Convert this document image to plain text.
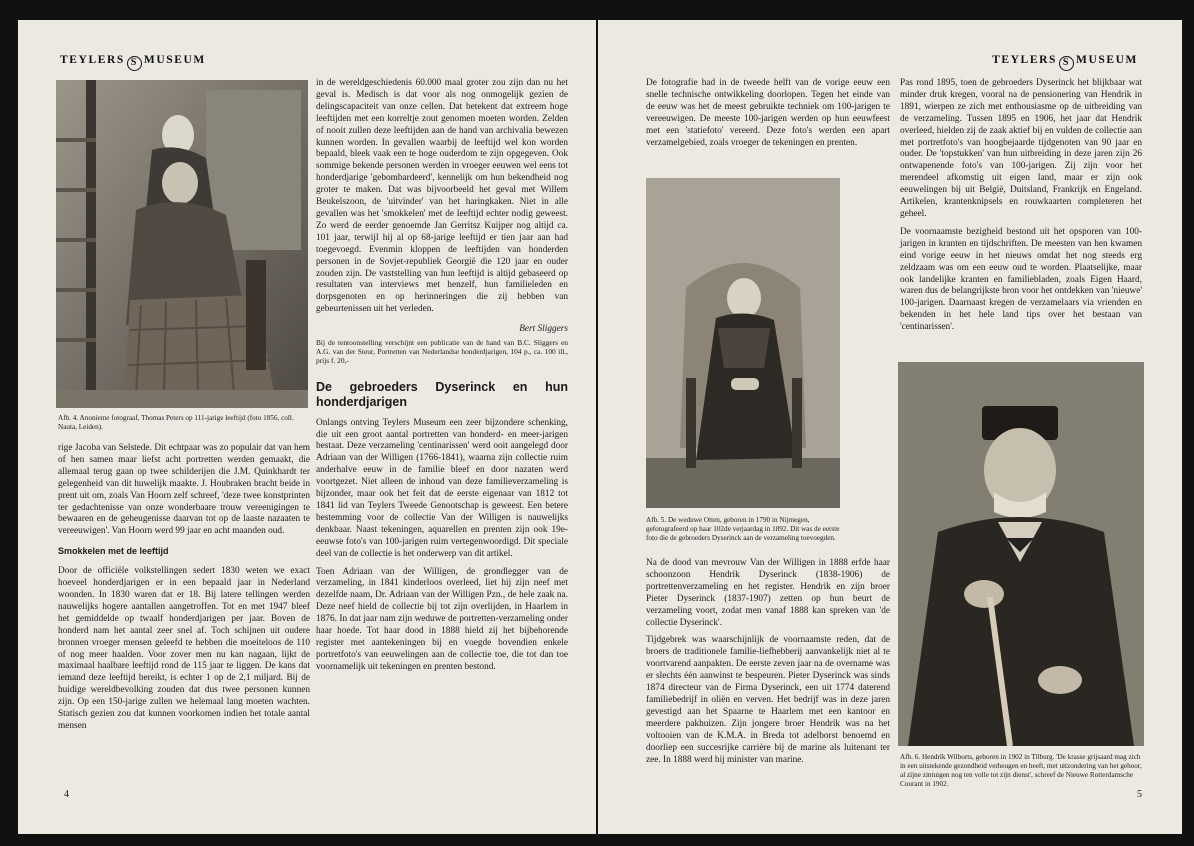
TEYLERS S MUSEUM
Afb. 4. Anonieme fotograaf, Thomas Peters op 111-jarige leeftijd (foto 1856, coll. Nauta, Leiden).

rige Jacoba van Selstede. Dit echtpaar was zo populair dat van hem of hen samen maar liefst acht portretten werden gemaakt, die allemaal terug gaan op twee schilderijen die J.M. Quinkhardt ter gelegenheid van dit huwelijk maakte. J. Houbraken bracht beide in prent uit om, zoals Van Hoorn zelf schreef, 'deze twee konstprinten ter gedachtenisse van onze wonderbaare trouw vereenigingen te bewaaren en de geheugenisse daarvan tot op de laaste nazaaten te vereeuwigen'. Van Hoorn werd 99 jaar en acht maanden oud.

Smokkelen met de leeftijd

Door de officiële volkstellingen sedert 1830 weten we exact hoeveel honderdjarigen er in een bepaald jaar in Nederland woonden. In 1830 waren dat er 18. Bij latere tellingen werden nauwelijks hogere aantallen aangetroffen. Tot en met 1947 bleef het gemiddelde op twaalf honderdjarigen per jaar. Boven de honderd nam het aantal zeer snel af. Toch schijnen uit oudere bronnen vroeger mensen geleefd te hebben die moeiteloos de 110 of nog meer haalden. Voor zover men nu kan nagaan, lijkt de maximaal haalbare leeftijd rond de 115 jaar te liggen. De kans dat iemand deze leeftijd bereikt, is echter 1 op de 2,1 miljard. Bij de huidige wereldbevolking zouden dat dus twee personen kunnen zijn. Op een 150-jarige zullen we helemaal lang moeten wachten. Statisch gezien zou dat kunnen voorkomen indien het totale aantal mensen

in de wereldgeschiedenis 60.000 maal groter zou zijn dan nu het geval is. Medisch is dat voor als nog onmogelijk gezien de delingscapaciteit van onze cellen. Dat betekent dat extreem hoge leeftijden met een korreltje zout genomen moeten worden. Zelden of nooit zullen deze leeftijden aan de hand van archivalia bewezen kunnen worden. In gevallen waarbij de leeftijd wel kon worden bepaald, bleek vaak een te hoge ouderdom te zijn opgegeven. Ook sommige bekende personen werden in vroeger eeuwen wel eens tot honderdjarige 'gebombardeerd', kennelijk om hun bekendheid nog groter te maken. Dat was bijvoorbeeld het geval met Willem Beukelszoon, de 'uitvinder' van het haringkaken. Niet in alle gevallen was het 'smokkelen' met de leeftijd echter nodig geweest. Zo werd de eerder genoemde Jan Gerritsz Kuijper nog altijd ca. 101 jaar, terwijl hij al op 68-jarige leeftijd er tien jaar aan had toegevoegd. Evenmin kloppen de leeftijden van honderden personen in de Sovjet-republiek Georgië die 120 jaar en ouder zouden zijn. De vaststelling van hun leeftijd is altijd gebaseerd op resultaten van interviews met henzelf, hun familieleden en dorpsgenoten en op herinneringen die zij hebben van gebeurtenissen uit het verleden.

Bert Sliggers
Bij de tentoonstelling verschijnt een publicatie van de hand van B.C. Sliggers en A.G. van der Steur, Portretten van Nederlandse honderdjarigen, 104 p., ca. 100 ill., prijs f. 20,-
De gebroeders Dyserinck en hun honderdjarigen

Onlangs ontving Teylers Museum een zeer bijzondere schenking, die uit een groot aantal portretten van honderd- en meer-jarigen bestaat. Deze verzameling 'centinarissen' werd ooit aangelegd door Adriaan van der Willigen (1766-1841), waarna zijn collectie ruim anderhalve eeuw in de familie bleef en door nazaten werd voortgezet. Niet alleen de inhoud van deze familieverzameling is bijzonder, maar ook het feit dat de eerste eigenaar van 1812 tot 1841 lid van Teylers Tweede Genootschap is geweest. Een betere bestemming voor de collectie Van der Willigen is nauwelijks denkbaar. Naast tekeningen, aquarellen en prenten zijn ook 19e-eeuwse foto's van 100-jarigen ruim vertegenwoordigd. Dit speciale deel van de collectie is het onderwerp van dit artikel.

Toen Adriaan van der Willigen, de grondlegger van de verzameling, in 1841 kinderloos overleed, liet hij zijn neef met dezelfde naam, Dr. Adriaan van der Willigen Pzn., de hele zaak na. Deze neef hield de collectie bij tot zijn overlijden, in Haarlem in 1876. In dat jaar nam zijn weduwe de portretten-verzameling onder haar hoede. Tot haar dood in 1888 hield zij het bijbehorende register met aantekeningen bij en voegde bovendien enkele portretfoto's van eeuwelingen aan de collectie toe, die tot dan toe voornamelijk uit tekeningen en prenten bestond.

4
TEYLERS S MUSEUM

De fotografie had in de tweede helft van de vorige eeuw een snelle technische ontwikkeling doorlopen. Tegen het einde van de eeuw was het de meest gebruikte techniek om 100-jarigen te vereeuwigen. De meeste 100-jarigen werden op hun eeuwfeest met een 'statiefoto' vereerd. Deze foto's werden een apart verzamelgebied, zoals vroeger de tekeningen en prenten.

Afb. 5. De weduwe Otten, geboren in 1790 in Nijmegen, gefotografeerd op haar 102de verjaardag in 1892. Dit was de eerste foto die de gebroeders Dyserinck aan de verzameling toevoegden.

Na de dood van mevrouw Van der Willigen in 1888 erfde haar schoonzoon Hendrik Dyserinck (1838-1906) de portrettenverzameling en het register. Hendrik en zijn broer Pieter Dyserinck (1837-1907) zetten op hun beurt de verzameling voort, zodat men vanaf 1888 kan spreken van 'de collectie Dyserinck'.

Tijdgebrek was waarschijnlijk de voornaamste reden, dat de broers de traditionele familie-liefhebberij aanvankelijk niet al te voortvarend aanpakten. De eerste zeven jaar na de overname was er slechts één aanwinst te bespeuren. Pieter Dyserinck was sinds 1874 directeur van de Firma Dyserinck, een uit 1774 daterend familiebedrijf in oliën en verven. Het bedrijf was in deze jaren gevestigd aan het Spaarne te Haarlem met een kantoor en meerdere pakhuizen. Zijn jongere broer Hendrik was na het voltooien van de K.M.A. in Breda tot adelborst benoemd en doorliep een succesrijke carrière bij de marine als luitenant ter zee. In 1888 werd hij minister van marine.

Pas rond 1895, toen de gebroeders Dyserinck het blijkbaar wat minder druk kregen, vooral na de pensionering van Hendrik in 1891, wierpen ze zich met enthousiasme op de uitbreiding van de verzameling. Tussen 1895 en 1906, het jaar dat Hendrik overleed, hielden zij de zaak aktief bij en vulden de collectie aan met portretfoto's van hoogbejaarde tijdgenoten van 90 jaar en ouder. De 'topstukken' van hun uitbreiding in deze jaren zijn 26 ontwapenende foto's van 100-jarigen. Zij zijn voor het merendeel afkomstig uit eigen land, maar er zijn ook eeuwelingen bij uit België, Duitsland, Frankrijk en Engeland. Artikelen, krantenknipsels en rouwkaarten completeren het geheel.

De voornaamste bezigheid bestond uit het opsporen van 100-jarigen in kranten en tijdschriften. De meesten van hen kwamen eind vorige eeuw in het nieuws omdat het nog steeds erg zeldzaam was om een eeuw oud te worden. Plaatselijke, maar ook landelijke kranten en familiebladen, zoals Eigen Haard, waren dus de belangrijkste bron voor het ontdekken van 'nieuwe' 100-jarigen. Daarnaast kregen de verzamelaars via vrienden en bekenden in het hele land tips over het bestaan van 'centinarissen'.

Afb. 6. Hendrik Wilborts, geboren in 1902 in Tilburg. 'De krasse grijsaard mag zich in een uitstekende gezondheid verheugen en heeft, met uitzondering van het gehoor, al zijne zintuigen nog ten volle tot zijn dienst', schreef de Nieuwe Rotterdamsche Courant in 1902.
5
